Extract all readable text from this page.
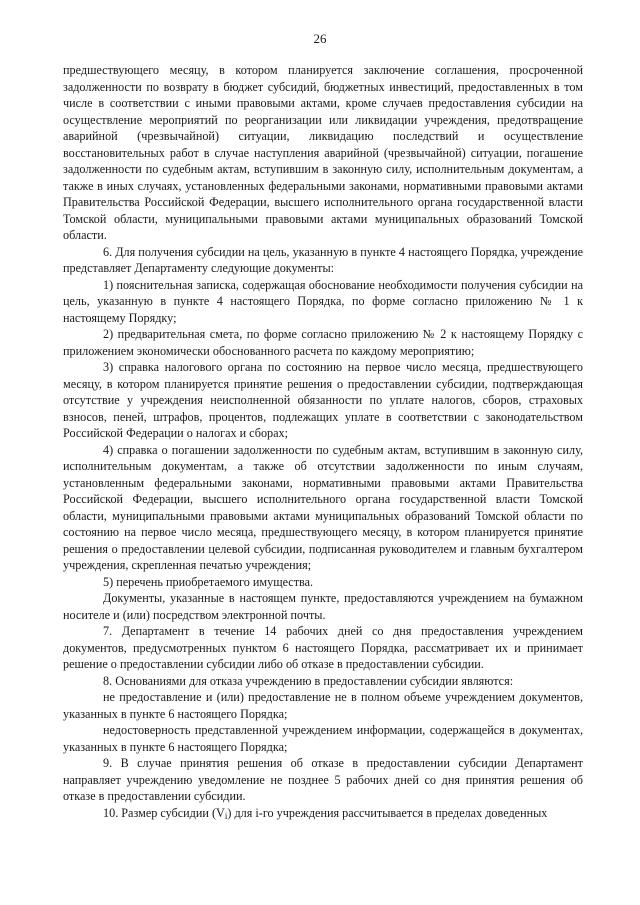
26

предшествующего месяцу, в котором планируется заключение соглашения, просроченной задолженности по возврату в бюджет субсидий, бюджетных инвестиций, предоставленных в том числе в соответствии с иными правовыми актами, кроме случаев предоставления субсидии на осуществление мероприятий по реорганизации или ликвидации учреждения, предотвращение аварийной (чрезвычайной) ситуации, ликвидацию последствий и осуществление восстановительных работ в случае наступления аварийной (чрезвычайной) ситуации, погашение задолженности по судебным актам, вступившим в законную силу, исполнительным документам, а также в иных случаях, установленных федеральными законами, нормативными правовыми актами Правительства Российской Федерации, высшего исполнительного органа государственной власти Томской области, муниципальными правовыми актами муниципальных образований Томской области.

6. Для получения субсидии на цель, указанную в пункте 4 настоящего Порядка, учреждение представляет Департаменту следующие документы:

1) пояснительная записка, содержащая обоснование необходимости получения субсидии на цель, указанную в пункте 4 настоящего Порядка, по форме согласно приложению № 1 к настоящему Порядку;

2) предварительная смета, по форме согласно приложению № 2 к настоящему Порядку с приложением экономически обоснованного расчета по каждому мероприятию;

3) справка налогового органа по состоянию на первое число месяца, предшествующего месяцу, в котором планируется принятие решения о предоставлении субсидии, подтверждающая отсутствие у учреждения неисполненной обязанности по уплате налогов, сборов, страховых взносов, пеней, штрафов, процентов, подлежащих уплате в соответствии с законодательством Российской Федерации о налогах и сборах;

4) справка о погашении задолженности по судебным актам, вступившим в законную силу, исполнительным документам, а также об отсутствии задолженности по иным случаям, установленным федеральными законами, нормативными правовыми актами Правительства Российской Федерации, высшего исполнительного органа государственной власти Томской области, муниципальными правовыми актами муниципальных образований Томской области по состоянию на первое число месяца, предшествующего месяцу, в котором планируется принятие решения о предоставлении целевой субсидии, подписанная руководителем и главным бухгалтером учреждения, скрепленная печатью учреждения;

5) перечень приобретаемого имущества.

Документы, указанные в настоящем пункте, предоставляются учреждением на бумажном носителе и (или) посредством электронной почты.

7. Департамент в течение 14 рабочих дней со дня предоставления учреждением документов, предусмотренных пунктом 6 настоящего Порядка, рассматривает их и принимает решение о предоставлении субсидии либо об отказе в предоставлении субсидии.

8. Основаниями для отказа учреждению в предоставлении субсидии являются:

не предоставление и (или) предоставление не в полном объеме учреждением документов, указанных в пункте 6 настоящего Порядка;

недостоверность представленной учреждением информации, содержащейся в документах, указанных в пункте 6 настоящего Порядка;

9. В случае принятия решения об отказе в предоставлении субсидии Департамент направляет учреждению уведомление не позднее 5 рабочих дней со дня принятия решения об отказе в предоставлении субсидии.

10. Размер субсидии $(V_i)$ для i-го учреждения рассчитывается в пределах доведенных
